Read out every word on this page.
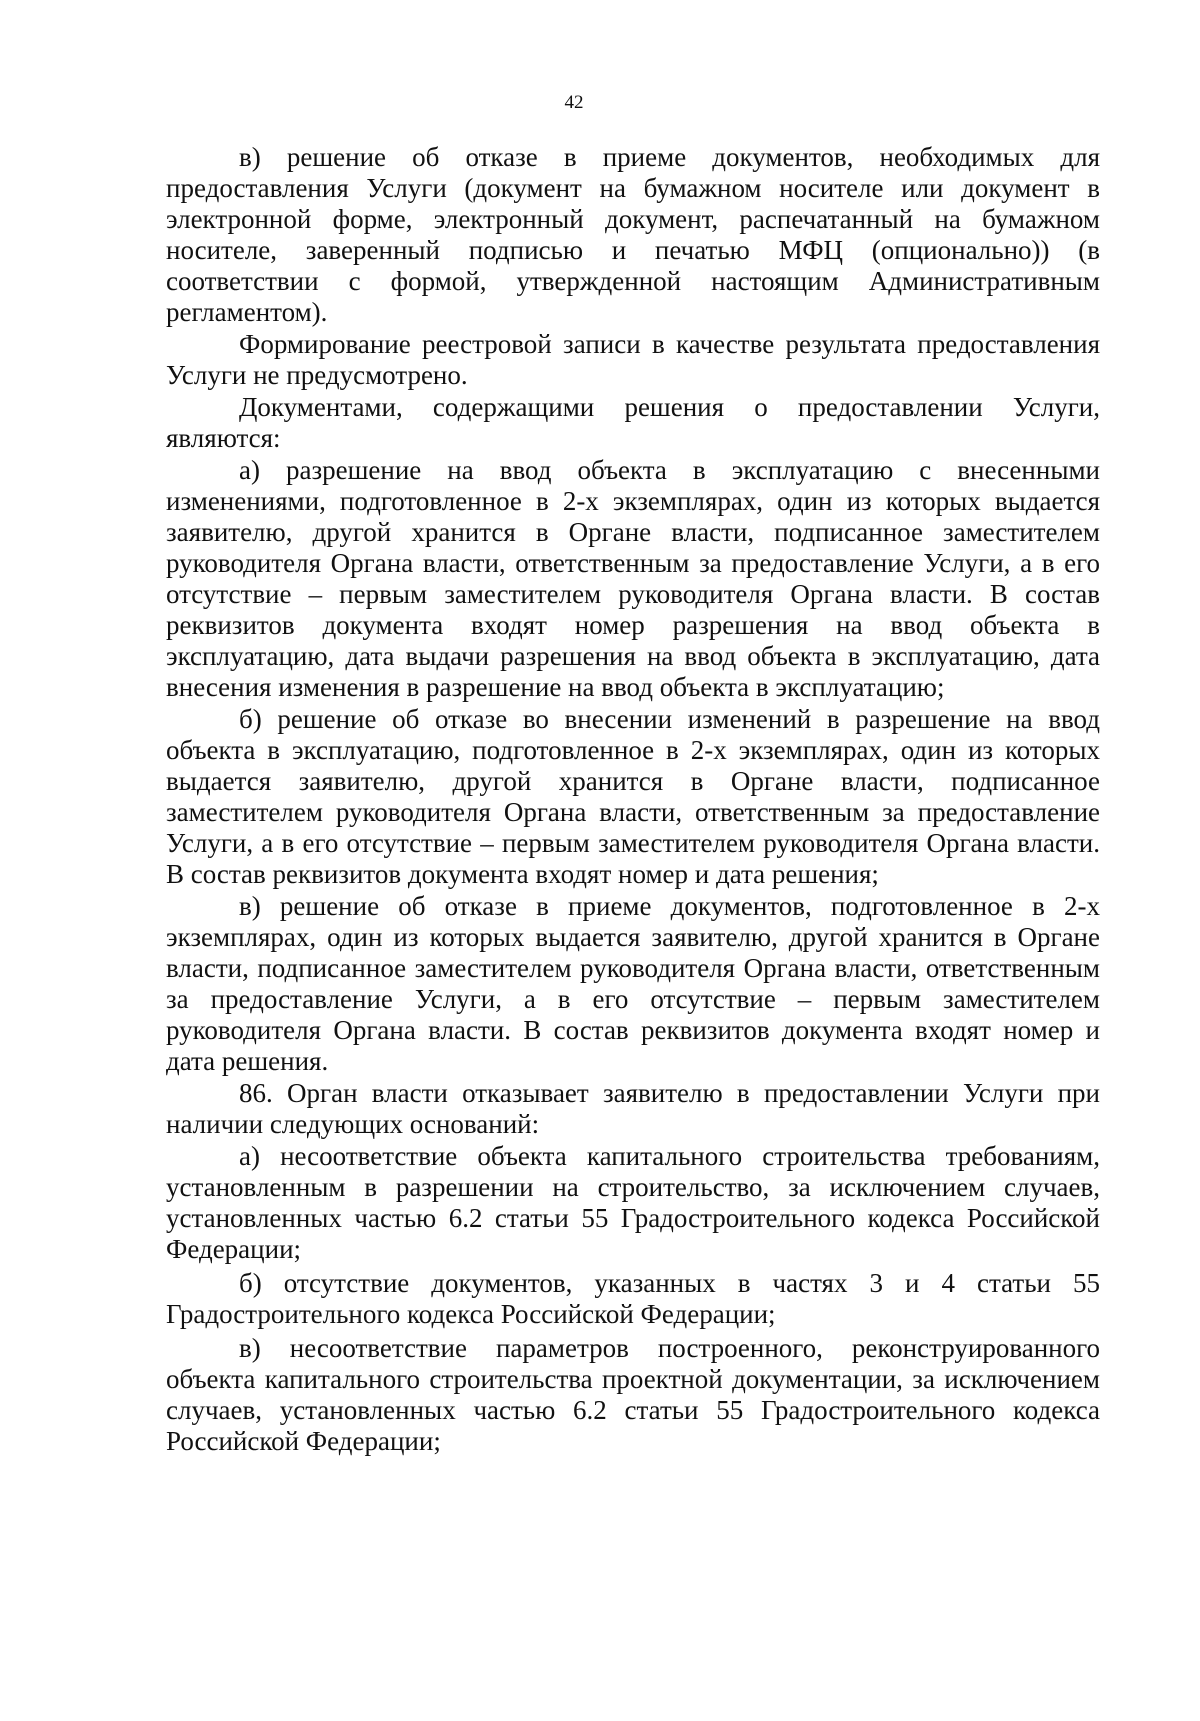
42

в) решение об отказе в приеме документов, необходимых для предоставления Услуги (документ на бумажном носителе или документ в электронной форме, электронный документ, распечатанный на бумажном носителе, заверенный подписью и печатью МФЦ (опционально)) (в соответствии с формой, утвержденной настоящим Административным регламентом).

Формирование реестровой записи в качестве результата предоставления Услуги не предусмотрено.

Документами, содержащими решения о предоставлении Услуги, являются:

а) разрешение на ввод объекта в эксплуатацию с внесенными изменениями, подготовленное в 2-х экземплярах, один из которых выдается заявителю, другой хранится в Органе власти, подписанное заместителем руководителя Органа власти, ответственным за предоставление Услуги, а в его отсутствие – первым заместителем руководителя Органа власти. В состав реквизитов документа входят номер разрешения на ввод объекта в эксплуатацию, дата выдачи разрешения на ввод объекта в эксплуатацию, дата внесения изменения в разрешение на ввод объекта в эксплуатацию;

б) решение об отказе во внесении изменений в разрешение на ввод объекта в эксплуатацию, подготовленное в 2-х экземплярах, один из которых выдается заявителю, другой хранится в Органе власти, подписанное заместителем руководителя Органа власти, ответственным за предоставление Услуги, а в его отсутствие – первым заместителем руководителя Органа власти. В состав реквизитов документа входят номер и дата решения;

в) решение об отказе в приеме документов, подготовленное в 2-х экземплярах, один из которых выдается заявителю, другой хранится в Органе власти, подписанное заместителем руководителя Органа власти, ответственным за предоставление Услуги, а в его отсутствие – первым заместителем руководителя Органа власти. В состав реквизитов документа входят номер и дата решения.

86. Орган власти отказывает заявителю в предоставлении Услуги при наличии следующих оснований:

а) несоответствие объекта капитального строительства требованиям, установленным в разрешении на строительство, за исключением случаев, установленных частью 6.2 статьи 55 Градостроительного кодекса Российской Федерации;

б) отсутствие документов, указанных в частях 3 и 4 статьи 55 Градостроительного кодекса Российской Федерации;

в) несоответствие параметров построенного, реконструированного объекта капитального строительства проектной документации, за исключением случаев, установленных частью 6.2 статьи 55 Градостроительного кодекса Российской Федерации;
